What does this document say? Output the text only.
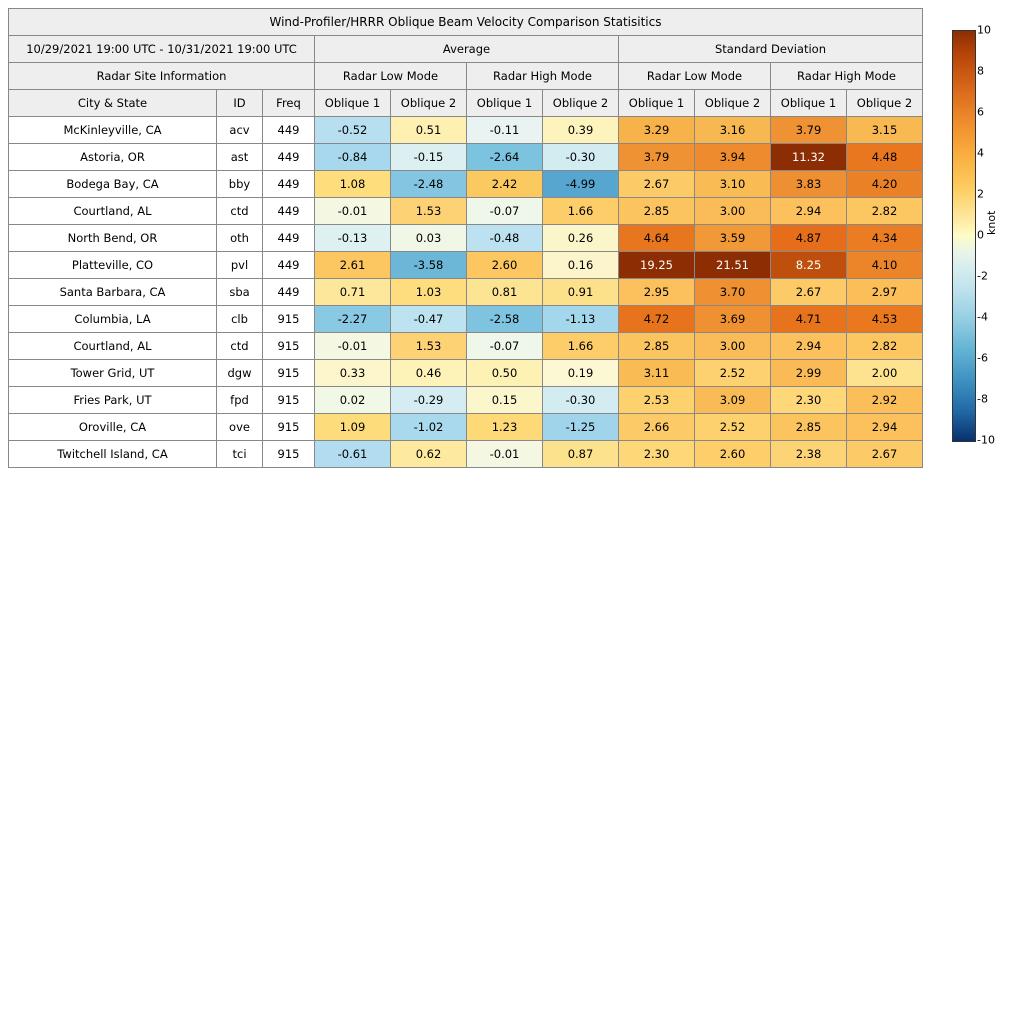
Wind-Profiler/HRRR Oblique Beam Velocity Comparison Statisitics										
10/29/2021 19:00 UTC - 10/31/2021 19:00 UTC			Average				Standard Deviation			
Radar Site Information			Radar Low Mode		Radar High Mode		Radar Low Mode		Radar High Mode	
City & State	ID	Freq	Oblique 1	Oblique 2	Oblique 1	Oblique 2	Oblique 1	Oblique 2	Oblique 1	Oblique 2
McKinleyville, CA	acv	449	-0.52	0.51	-0.11	0.39	3.29	3.16	3.79	3.15
Astoria, OR	ast	449	-0.84	-0.15	-2.64	-0.30	3.79	3.94	11.32	4.48
Bodega Bay, CA	bby	449	1.08	-2.48	2.42	-4.99	2.67	3.10	3.83	4.20
Courtland, AL	ctd	449	-0.01	1.53	-0.07	1.66	2.85	3.00	2.94	2.82
North Bend, OR	oth	449	-0.13	0.03	-0.48	0.26	4.64	3.59	4.87	4.34
Platteville, CO	pvl	449	2.61	-3.58	2.60	0.16	19.25	21.51	8.25	4.10
Santa Barbara, CA	sba	449	0.71	1.03	0.81	0.91	2.95	3.70	2.67	2.97
Columbia, LA	clb	915	-2.27	-0.47	-2.58	-1.13	4.72	3.69	4.71	4.53
Courtland, AL	ctd	915	-0.01	1.53	-0.07	1.66	2.85	3.00	2.94	2.82
Tower Grid, UT	dgw	915	0.33	0.46	0.50	0.19	3.11	2.52	2.99	2.00
Fries Park, UT	fpd	915	0.02	-0.29	0.15	-0.30	2.53	3.09	2.30	2.92
Oroville, CA	ove	915	1.09	-1.02	1.23	-1.25	2.66	2.52	2.85	2.94
Twitchell Island, CA	tci	915	-0.61	0.62	-0.01	0.87	2.30	2.60	2.38	2.67
10
8
6
4
2
0
-2
-4
-6
-8
-10
knot
